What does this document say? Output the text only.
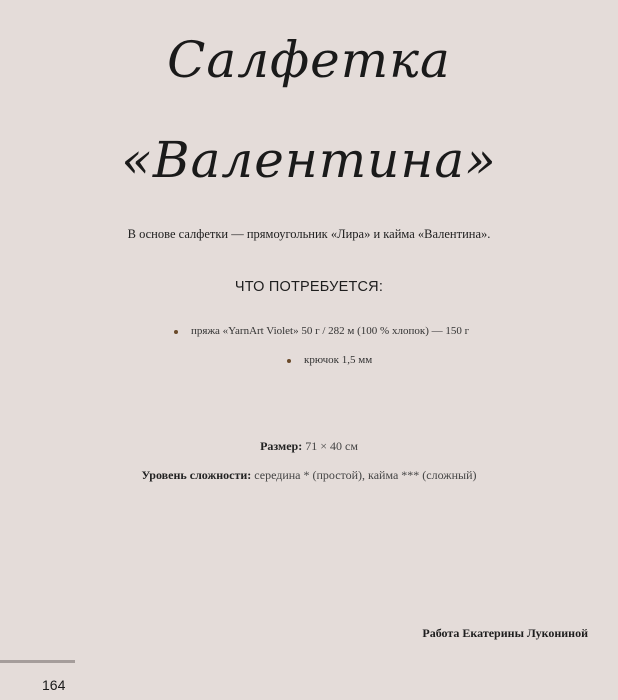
Салфетка
«Валентина»

В основе салфетки — прямоугольник «Лира» и кайма «Валентина».

ЧТО ПОТРЕБУЕТСЯ:
пряжа «YarnArt Violet» 50 г / 282 м (100 % хлопок) — 150 г
крючок 1,5 мм
Размер: 71 × 40 см
Уровень сложности: середина * (простой), кайма *** (сложный)
Работа Екатерины Лукониной
164
